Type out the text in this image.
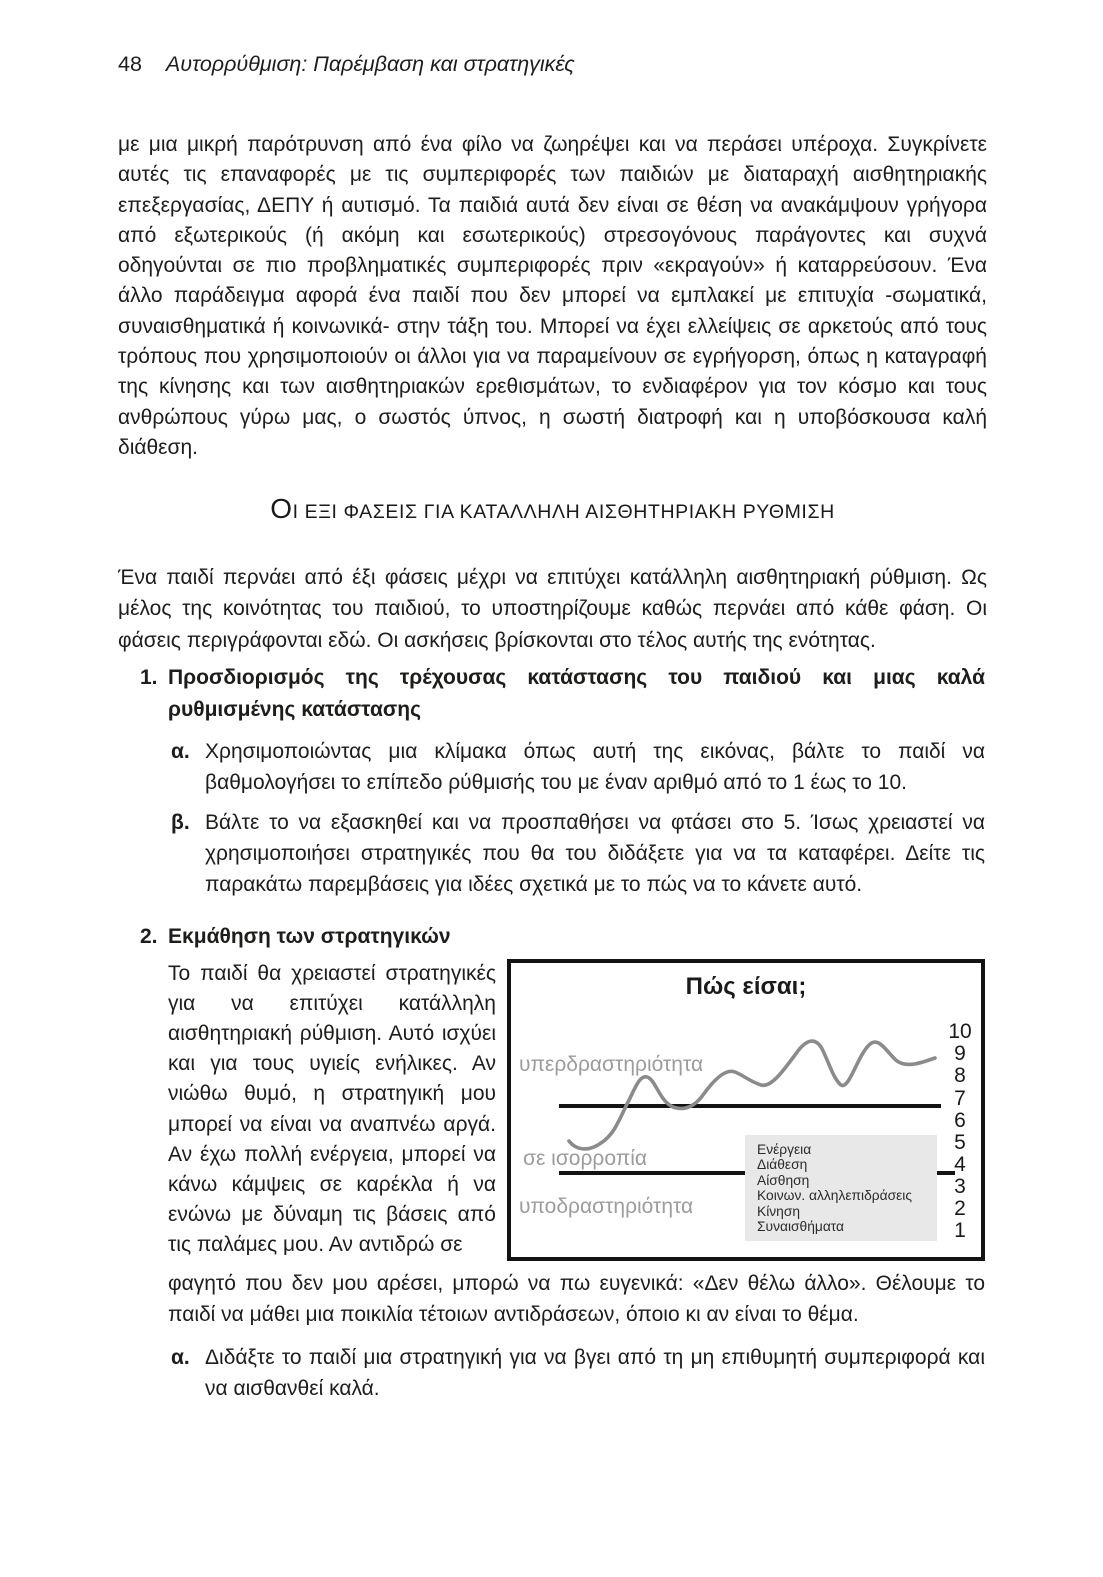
48 Αυτορρύθμιση: Παρέμβαση και στρατηγικές

με μια μικρή παρότρυνση από ένα φίλο να ζωηρέψει και να περάσει υπέροχα. Συγκρίνετε αυτές τις επαναφορές με τις συμπεριφορές των παιδιών με διαταραχή αισθητηριακής επεξεργασίας, ΔΕΠΥ ή αυτισμό. Τα παιδιά αυτά δεν είναι σε θέση να ανακάμψουν γρήγορα από εξωτερικούς (ή ακόμη και εσωτερικούς) στρεσογόνους παράγοντες και συχνά οδηγούνται σε πιο προβληματικές συμπεριφορές πριν «εκραγούν» ή καταρρεύσουν. Ένα άλλο παράδειγμα αφορά ένα παιδί που δεν μπορεί να εμπλακεί με επιτυχία -σωματικά, συναισθηματικά ή κοινωνικά- στην τάξη του. Μπορεί να έχει ελλείψεις σε αρκετούς από τους τρόπους που χρησιμοποιούν οι άλλοι για να παραμείνουν σε εγρήγορση, όπως η καταγραφή της κίνησης και των αισθητηριακών ερεθισμάτων, το ενδιαφέρον για τον κόσμο και τους ανθρώπους γύρω μας, ο σωστός ύπνος, η σωστή διατροφή και η υποβόσκουσα καλή διάθεση.

ΟΙ ΕΞΙ ΦΑΣΕΙΣ ΓΙΑ ΚΑΤΑΛΛΗΛΗ ΑΙΣΘΗΤΗΡΙΑΚΗ ΡΥΘΜΙΣΗ

Ένα παιδί περνάει από έξι φάσεις μέχρι να επιτύχει κατάλληλη αισθητηριακή ρύθμιση. Ως μέλος της κοινότητας του παιδιού, το υποστηρίζουμε καθώς περνάει από κάθε φάση. Οι φάσεις περιγράφονται εδώ. Οι ασκήσεις βρίσκονται στο τέλος αυτής της ενότητας.

1. Προσδιορισμός της τρέχουσας κατάστασης του παιδιού και μιας καλά ρυθμισμένης κατάστασης
α. Χρησιμοποιώντας μια κλίμακα όπως αυτή της εικόνας, βάλτε το παιδί να βαθμολογήσει το επίπεδο ρύθμισής του με έναν αριθμό από το 1 έως το 10.
β. Βάλτε το να εξασκηθεί και να προσπαθήσει να φτάσει στο 5. Ίσως χρειαστεί να χρησιμοποιήσει στρατηγικές που θα του διδάξετε για να τα καταφέρει. Δείτε τις παρακάτω παρεμβάσεις για ιδέες σχετικά με το πώς να το κάνετε αυτό.
2. Εκμάθηση των στρατηγικών
Το παιδί θα χρειαστεί στρατηγικές για να επιτύχει κατάλληλη αισθητηριακή ρύθμιση. Αυτό ισχύει και για τους υγιείς ενήλικες. Αν νιώθω θυμό, η στρατηγική μου μπορεί να είναι να αναπνέω αργά. Αν έχω πολλή ενέργεια, μπορεί να κάνω κάμψεις σε καρέκλα ή να ενώνω με δύναμη τις βάσεις από τις παλάμες μου. Αν αντιδρώ σε
Πώς είσαι;
υπερδραστηριότητα
σε ισορροπία
υποδραστηριότητα
Ενέργεια
Διάθεση
Αίσθηση
Κοινων. αλληλεπιδράσεις
Κίνηση
Συναισθήματα
10
9
8
7
6
5
4
3
2
1
φαγητό που δεν μου αρέσει, μπορώ να πω ευγενικά: «Δεν θέλω άλλο». Θέλουμε το παιδί να μάθει μια ποικιλία τέτοιων αντιδράσεων, όποιο κι αν είναι το θέμα.
α. Διδάξτε το παιδί μια στρατηγική για να βγει από τη μη επιθυμητή συμπεριφορά και να αισθανθεί καλά.
